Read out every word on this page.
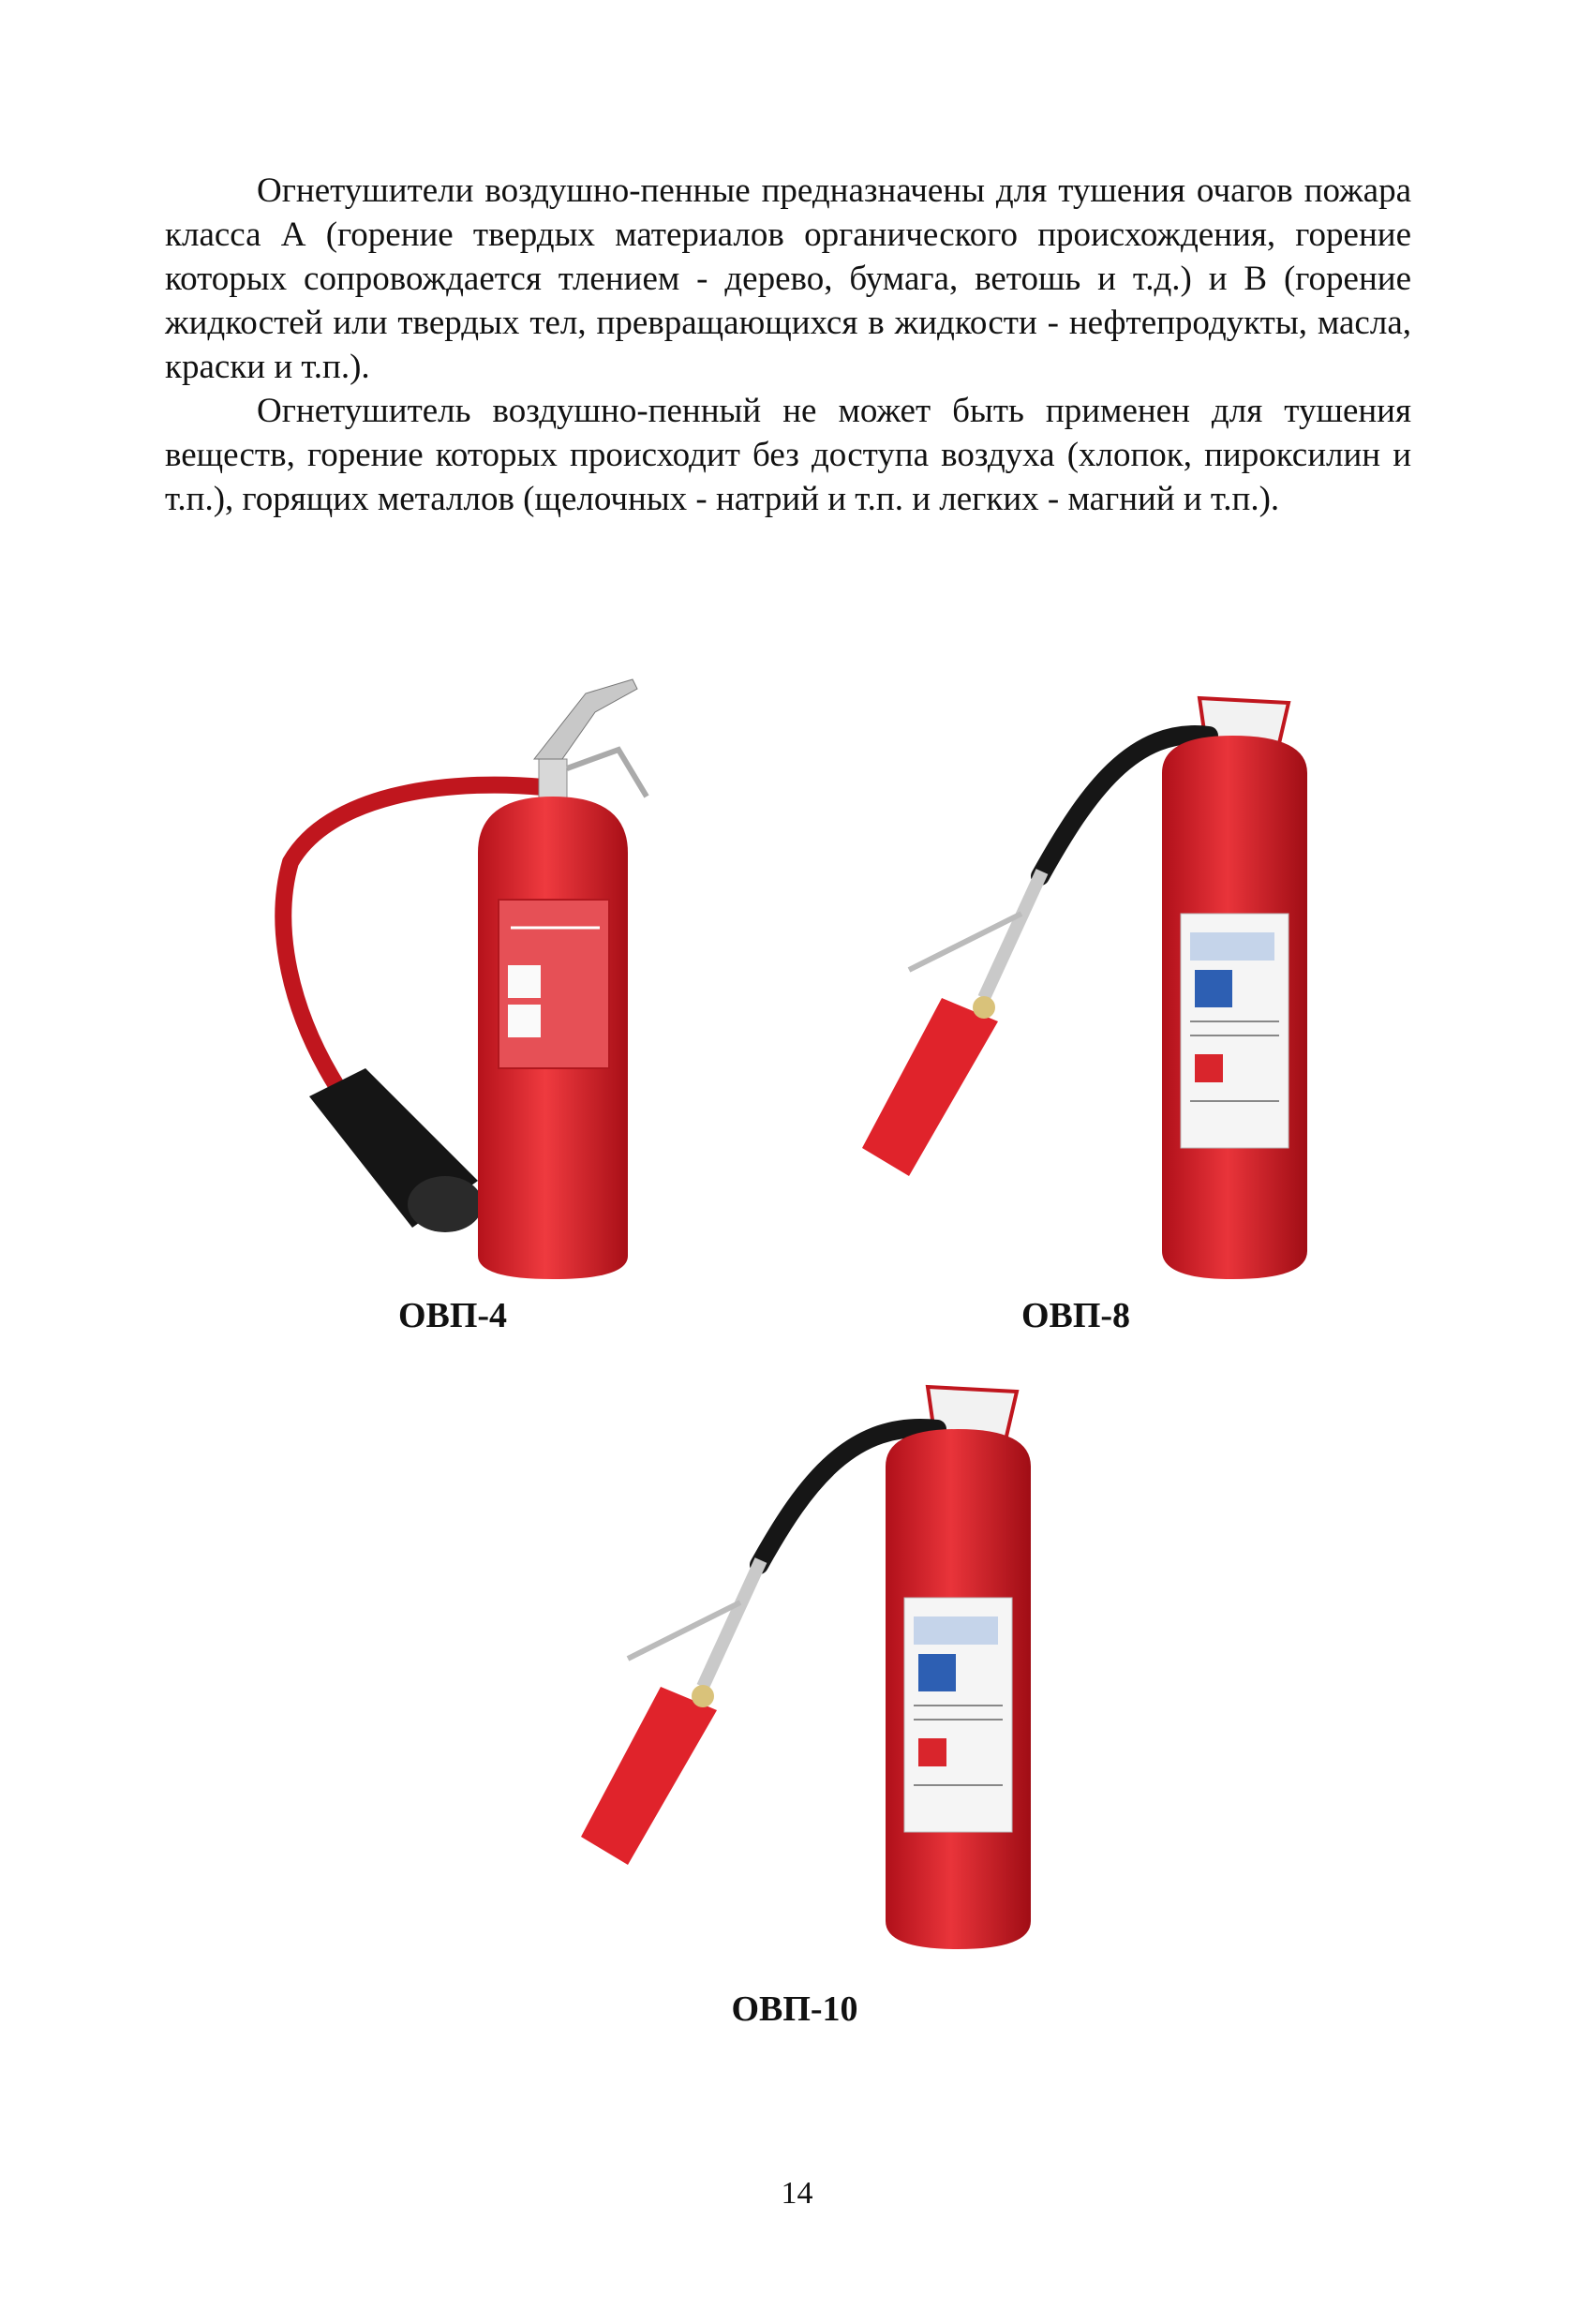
Огнетушители воздушно-пенные предназначены для тушения очагов пожара класса А (горение твердых материалов органического происхождения, горение которых сопровождается тлением - дерево, бумага, ветошь и т.д.) и В (горение жидкостей или твердых тел, превращающихся в жидкости - нефтепродукты, масла, краски и т.п.).

Огнетушитель воздушно-пенный не может быть применен для тушения веществ, горение которых происходит без доступа воздуха (хлопок, пироксилин и т.п.), горящих металлов (щелочных - натрий и т.п. и легких - магний и т.п.).

ОВП-4	ОВП-8
ОВП-10
14
